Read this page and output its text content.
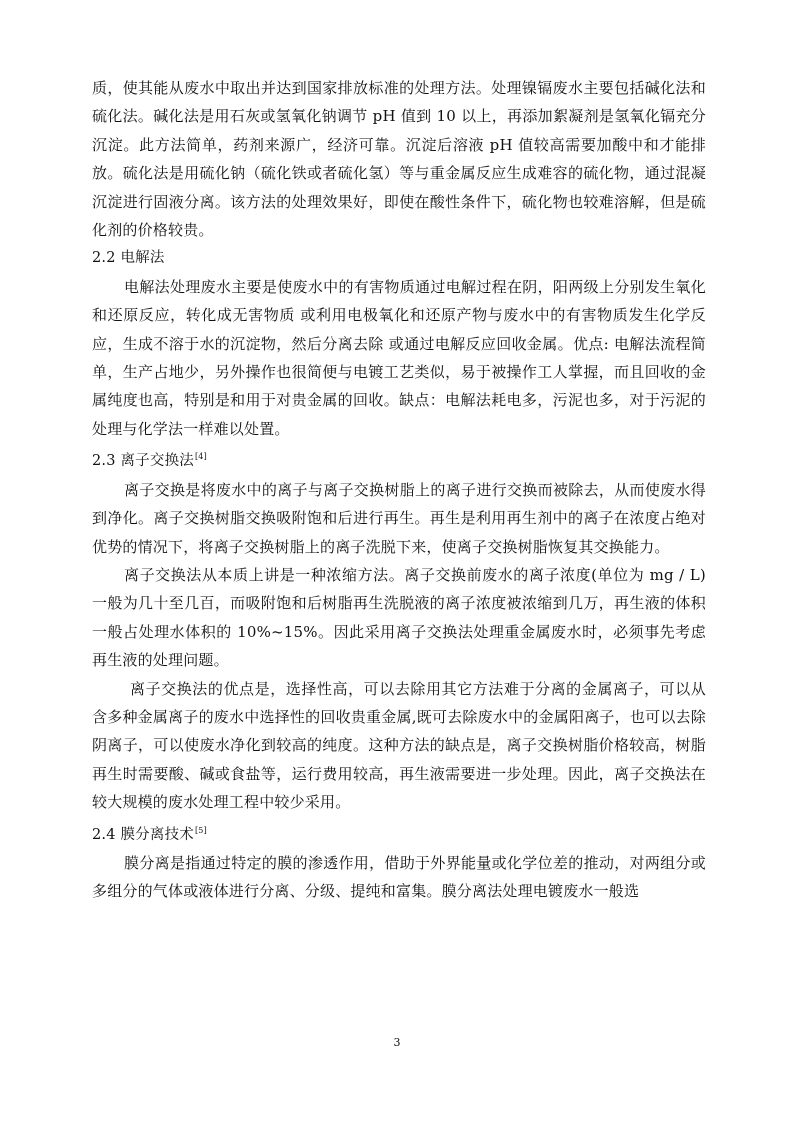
质，使其能从废水中取出并达到国家排放标准的处理方法。处理镍镉废水主要包括碱化法和硫化法。碱化法是用石灰或氢氧化钠调节 pH 值到 10 以上，再添加絮凝剂是氢氧化镉充分沉淀。此方法简单，药剂来源广，经济可靠。沉淀后溶液 pH 值较高需要加酸中和才能排放。硫化法是用硫化钠（硫化铁或者硫化氢）等与重金属反应生成难容的硫化物，通过混凝沉淀进行固液分离。该方法的处理效果好，即使在酸性条件下，硫化物也较难溶解，但是硫化剂的价格较贵。

2.2 电解法

电解法处理废水主要是使废水中的有害物质通过电解过程在阴，阳两级上分别发生氧化和还原反应，转化成无害物质 或利用电极氧化和还原产物与废水中的有害物质发生化学反应，生成不溶于水的沉淀物，然后分离去除 或通过电解反应回收金属。优点: 电解法流程简单，生产占地少，另外操作也很简便与电镀工艺类似，易于被操作工人掌握，而且回收的金属纯度也高，特别是和用于对贵金属的回收。缺点：电解法耗电多，污泥也多，对于污泥的处理与化学法一样难以处置。

2.3 离子交换法[4]

离子交换是将废水中的离子与离子交换树脂上的离子进行交换而被除去，从而使废水得到净化。离子交换树脂交换吸附饱和后进行再生。再生是利用再生剂中的离子在浓度占绝对优势的情况下，将离子交换树脂上的离子洗脱下来，使离子交换树脂恢复其交换能力。

离子交换法从本质上讲是一种浓缩方法。离子交换前废水的离子浓度(单位为 mg / L)一般为几十至几百，而吸附饱和后树脂再生洗脱液的离子浓度被浓缩到几万，再生液的体积一般占处理水体积的 10%~15%。因此采用离子交换法处理重金属废水时，必须事先考虑再生液的处理问题。

离子交换法的优点是，选择性高，可以去除用其它方法难于分离的金属离子，可以从含多种金属离子的废水中选择性的回收贵重金属,既可去除废水中的金属阳离子，也可以去除阴离子，可以使废水净化到较高的纯度。这种方法的缺点是，离子交换树脂价格较高，树脂再生时需要酸、碱或食盐等，运行费用较高，再生液需要进一步处理。因此，离子交换法在较大规模的废水处理工程中较少采用。

2.4 膜分离技术[5]

膜分离是指通过特定的膜的渗透作用，借助于外界能量或化学位差的推动，对两组分或多组分的气体或液体进行分离、分级、提纯和富集。膜分离法处理电镀废水一般选

3
